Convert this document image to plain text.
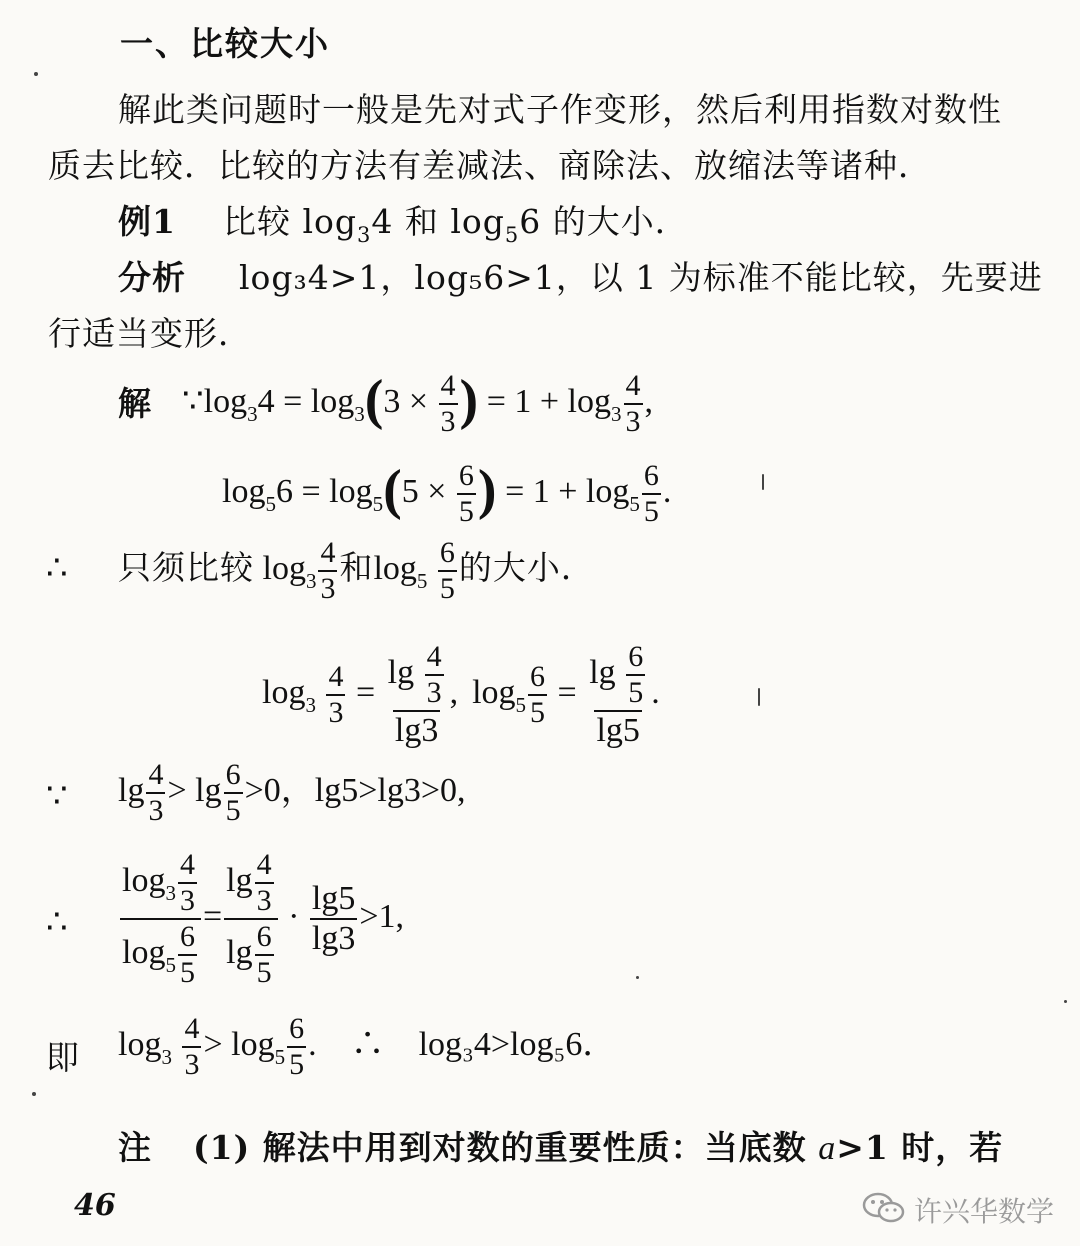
一、比较大小
解此类问题时一般是先对式子作变形，然后利用指数对数性
质去比较．比较的方法有差减法、商除法、放缩法等诸种．
例1 比较 $\log_34$ 和 $\log_56$ 的大小．
分析 log₃4>1，log₅6>1，以 1 为标准不能比较，先要进
行适当变形．
解 $\because\log_34 = \log_3(3 \times \frac{4}{3}$ ) = $1 + \log_3 \frac{4}{3}$ ,
$\log_56 = \log_5(5 \times \frac{6}{5}$ ) = $1 + \log_5 \frac{6}{5}$ .
∴ 只须比较 $\log_3 \frac{4}{3}$ 和$\log_5 \frac{6}{5}$ 的大小．
$\log_3 \frac{4}{3} = \frac{\lg \frac{4}{3}}{\lg 3}$ , $\log_5 \frac{6}{5} = \frac{\lg \frac{6}{5}}{\lg 5}$ .
∵ $\lg \frac{4}{3} > \lg \frac{6}{5} >0$，lg5>lg3>0,
∴ $\frac{\log_3 \frac{4}{3}}{\log_5 \frac{6}{5}} = \frac{\lg \frac{4}{3}}{\lg \frac{6}{5}} \cdot \frac{\lg 5}{\lg 3} >1$,
即 $\log_3 \frac{4}{3} > \log_5 \frac{6}{5}$ .　∴　 log₃4>log₅6．
注 (1) 解法中用到对数的重要性质：当底数 a>1 时，若
46	许兴华数学
